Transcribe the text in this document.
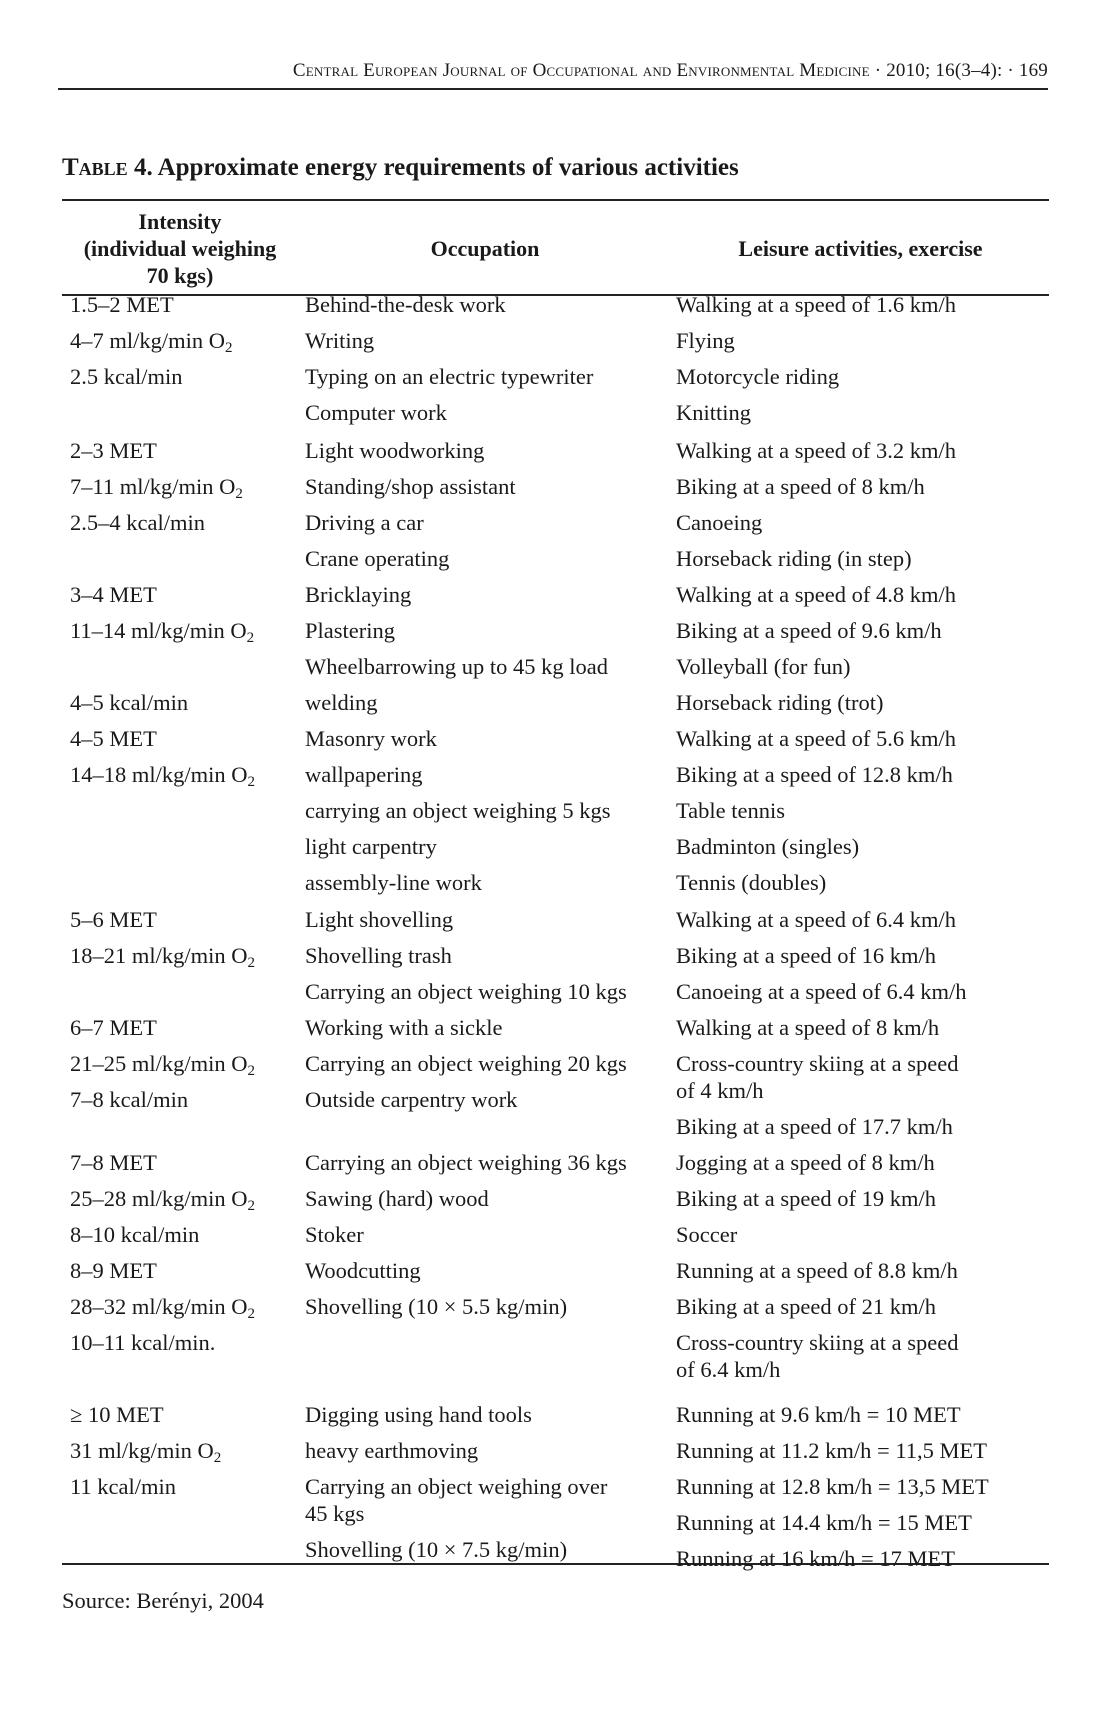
Central European Journal of Occupational and Environmental Medicine · 2010; 16(3–4): · 169
Table 4. Approximate energy requirements of various activities
Intensity
(individual weighing
70 kgs)
Occupation	Leisure activities, exercise
1.5–2 MET
4–7 ml/kg/min $O_2$
2.5 kcal/min
2–3 MET
7–11 ml/kg/min $O_2$
2.5–4 kcal/min
3–4 MET
11–14 ml/kg/min $O_2$
4–5 kcal/min
4–5 MET
14–18 ml/kg/min $O_2$
5–6 MET
18–21 ml/kg/min $O_2$
6–7 MET
21–25 ml/kg/min $O_2$
7–8 kcal/min
7–8 MET
25–28 ml/kg/min $O_2$
8–10 kcal/min
8–9 MET
28–32 ml/kg/min $O_2$
10–11 kcal/min.
≥ 10 MET
31 ml/kg/min $O_2$
11 kcal/min
Behind-the-desk work
Writing
Typing on an electric typewriter
Computer work
Light woodworking
Standing/shop assistant
Driving a car
Crane operating
Bricklaying
Plastering
Wheelbarrowing up to 45 kg load
welding
Masonry work
wallpapering
carrying an object weighing 5 kgs
light carpentry
assembly-line work
Light shovelling
Shovelling trash
Carrying an object weighing 10 kgs
Working with a sickle
Carrying an object weighing 20 kgs
Outside carpentry work
Carrying an object weighing 36 kgs
Sawing (hard) wood
Stoker
Woodcutting
Shovelling (10 × 5.5 kg/min)
Digging using hand tools
heavy earthmoving
Carrying an object weighing over
45 kgs
Shovelling (10 × 7.5 kg/min)
Walking at a speed of 1.6 km/h
Flying
Motorcycle riding
Knitting
Walking at a speed of 3.2 km/h
Biking at a speed of 8 km/h
Canoeing
Horseback riding (in step)
Walking at a speed of 4.8 km/h
Biking at a speed of 9.6 km/h
Volleyball (for fun)
Horseback riding (trot)
Walking at a speed of 5.6 km/h
Biking at a speed of 12.8 km/h
Table tennis
Badminton (singles)
Tennis (doubles)
Walking at a speed of 6.4 km/h
Biking at a speed of 16 km/h
Canoeing at a speed of 6.4 km/h
Walking at a speed of 8 km/h
Cross-country skiing at a speed
of 4 km/h
Biking at a speed of 17.7 km/h
Jogging at a speed of 8 km/h
Biking at a speed of 19 km/h
Soccer
Running at a speed of 8.8 km/h
Biking at a speed of 21 km/h
Cross-country skiing at a speed
of 6.4 km/h
Running at 9.6 km/h = 10 MET
Running at 11.2 km/h = 11,5 MET
Running at 12.8 km/h = 13,5 MET
Running at 14.4 km/h = 15 MET
Running at 16 km/h = 17 MET
Source: Berényi, 2004
